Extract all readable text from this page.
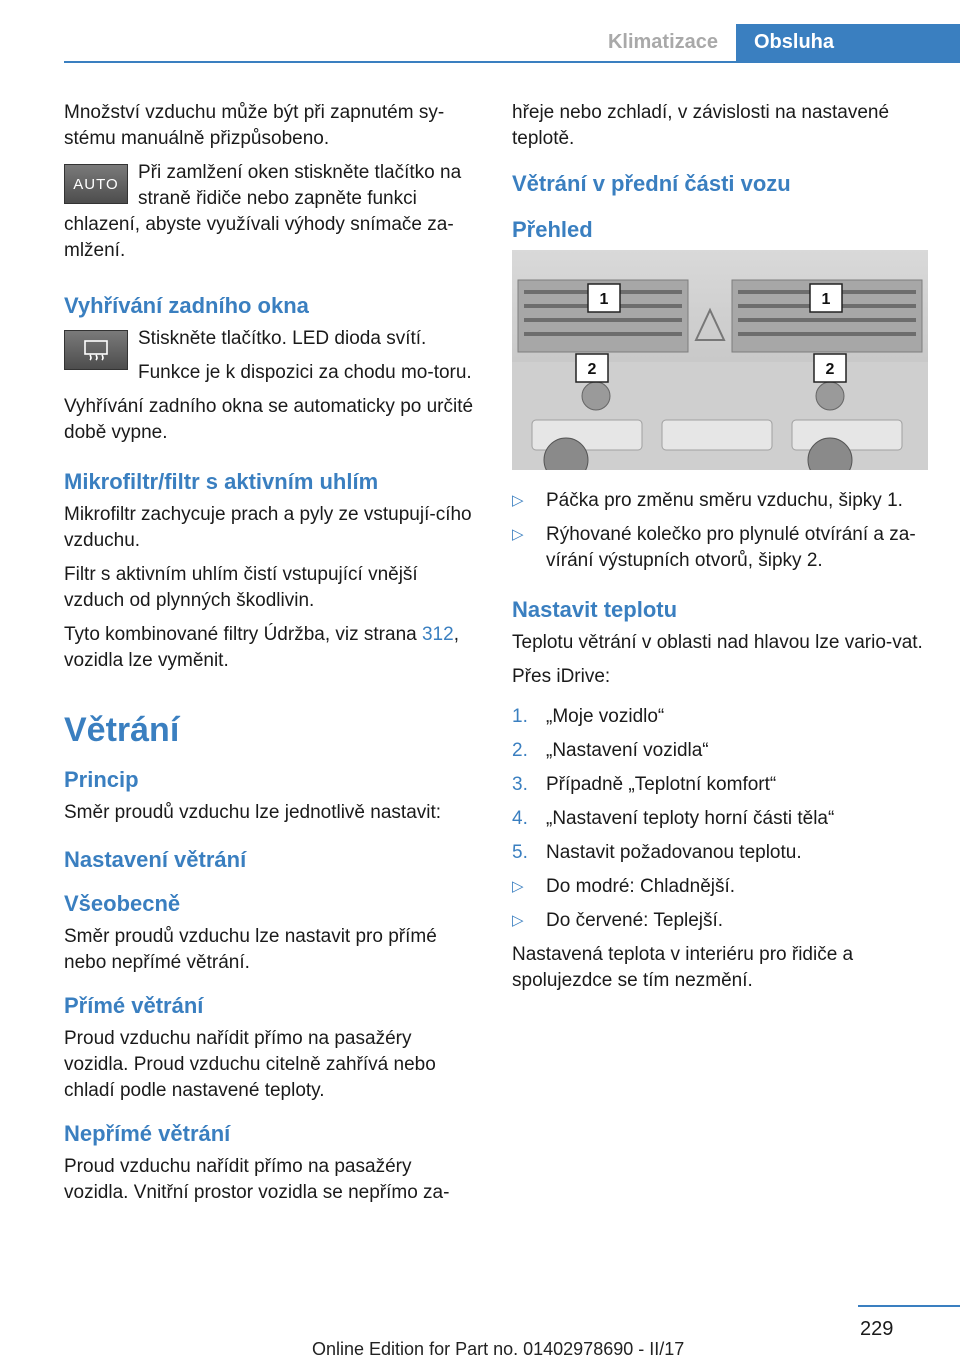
Klimatizace	Obsluha

Množství vzduchu může být při zapnutém sy-stému manuálně přizpůsobeno.

AUTO

Při zamlžení oken stiskněte tlačítko na straně řidiče nebo zapněte funkci chlazení, abyste využívali výhody snímače za-mlžení.

Vyhřívání zadního okna

Stiskněte tlačítko. LED dioda svítí.

Funkce je k dispozici za chodu mo-toru.

Vyhřívání zadního okna se automaticky po určité době vypne.

Mikrofiltr/filtr s aktivním uhlím

Mikrofiltr zachycuje prach a pyly ze vstupují-cího vzduchu.

Filtr s aktivním uhlím čistí vstupující vnější vzduch od plynných škodlivin.

Tyto kombinované filtry Údržba, viz strana 312, vozidla lze vyměnit.

Větrání
Princip

Směr proudů vzduchu lze jednotlivě nastavit:

Nastavení větrání
Všeobecně

Směr proudů vzduchu lze nastavit pro přímé nebo nepřímé větrání.

Přímé větrání

Proud vzduchu nařídit přímo na pasažéry vozidla. Proud vzduchu citelně zahřívá nebo chladí podle nastavené teploty.

Nepřímé větrání

Proud vzduchu nařídit přímo na pasažéry vozidla. Vnitřní prostor vozidla se nepřímo za-

hřeje nebo zchladí, v závislosti na nastavené teplotě.

Větrání v přední části vozu
Přehled
1	1
2	2
▷ Páčka pro změnu směru vzduchu, šipky 1.
▷ Rýhované kolečko pro plynulé otvírání a za-vírání výstupních otvorů, šipky 2.
Nastavit teplotu

Teplotu větrání v oblasti nad hlavou lze vario-vat.

Přes iDrive:

1. „Moje vozidlo“
2. „Nastavení vozidla“
3. Případně „Teplotní komfort“
4. „Nastavení teploty horní části těla“
5. Nastavit požadovanou teplotu.
▷ Do modré: Chladnější.
▷ Do červené: Teplejší.

Nastavená teplota v interiéru pro řidiče a spolujezdce se tím nezmění.

229
Online Edition for Part no. 01402978690 - II/17
